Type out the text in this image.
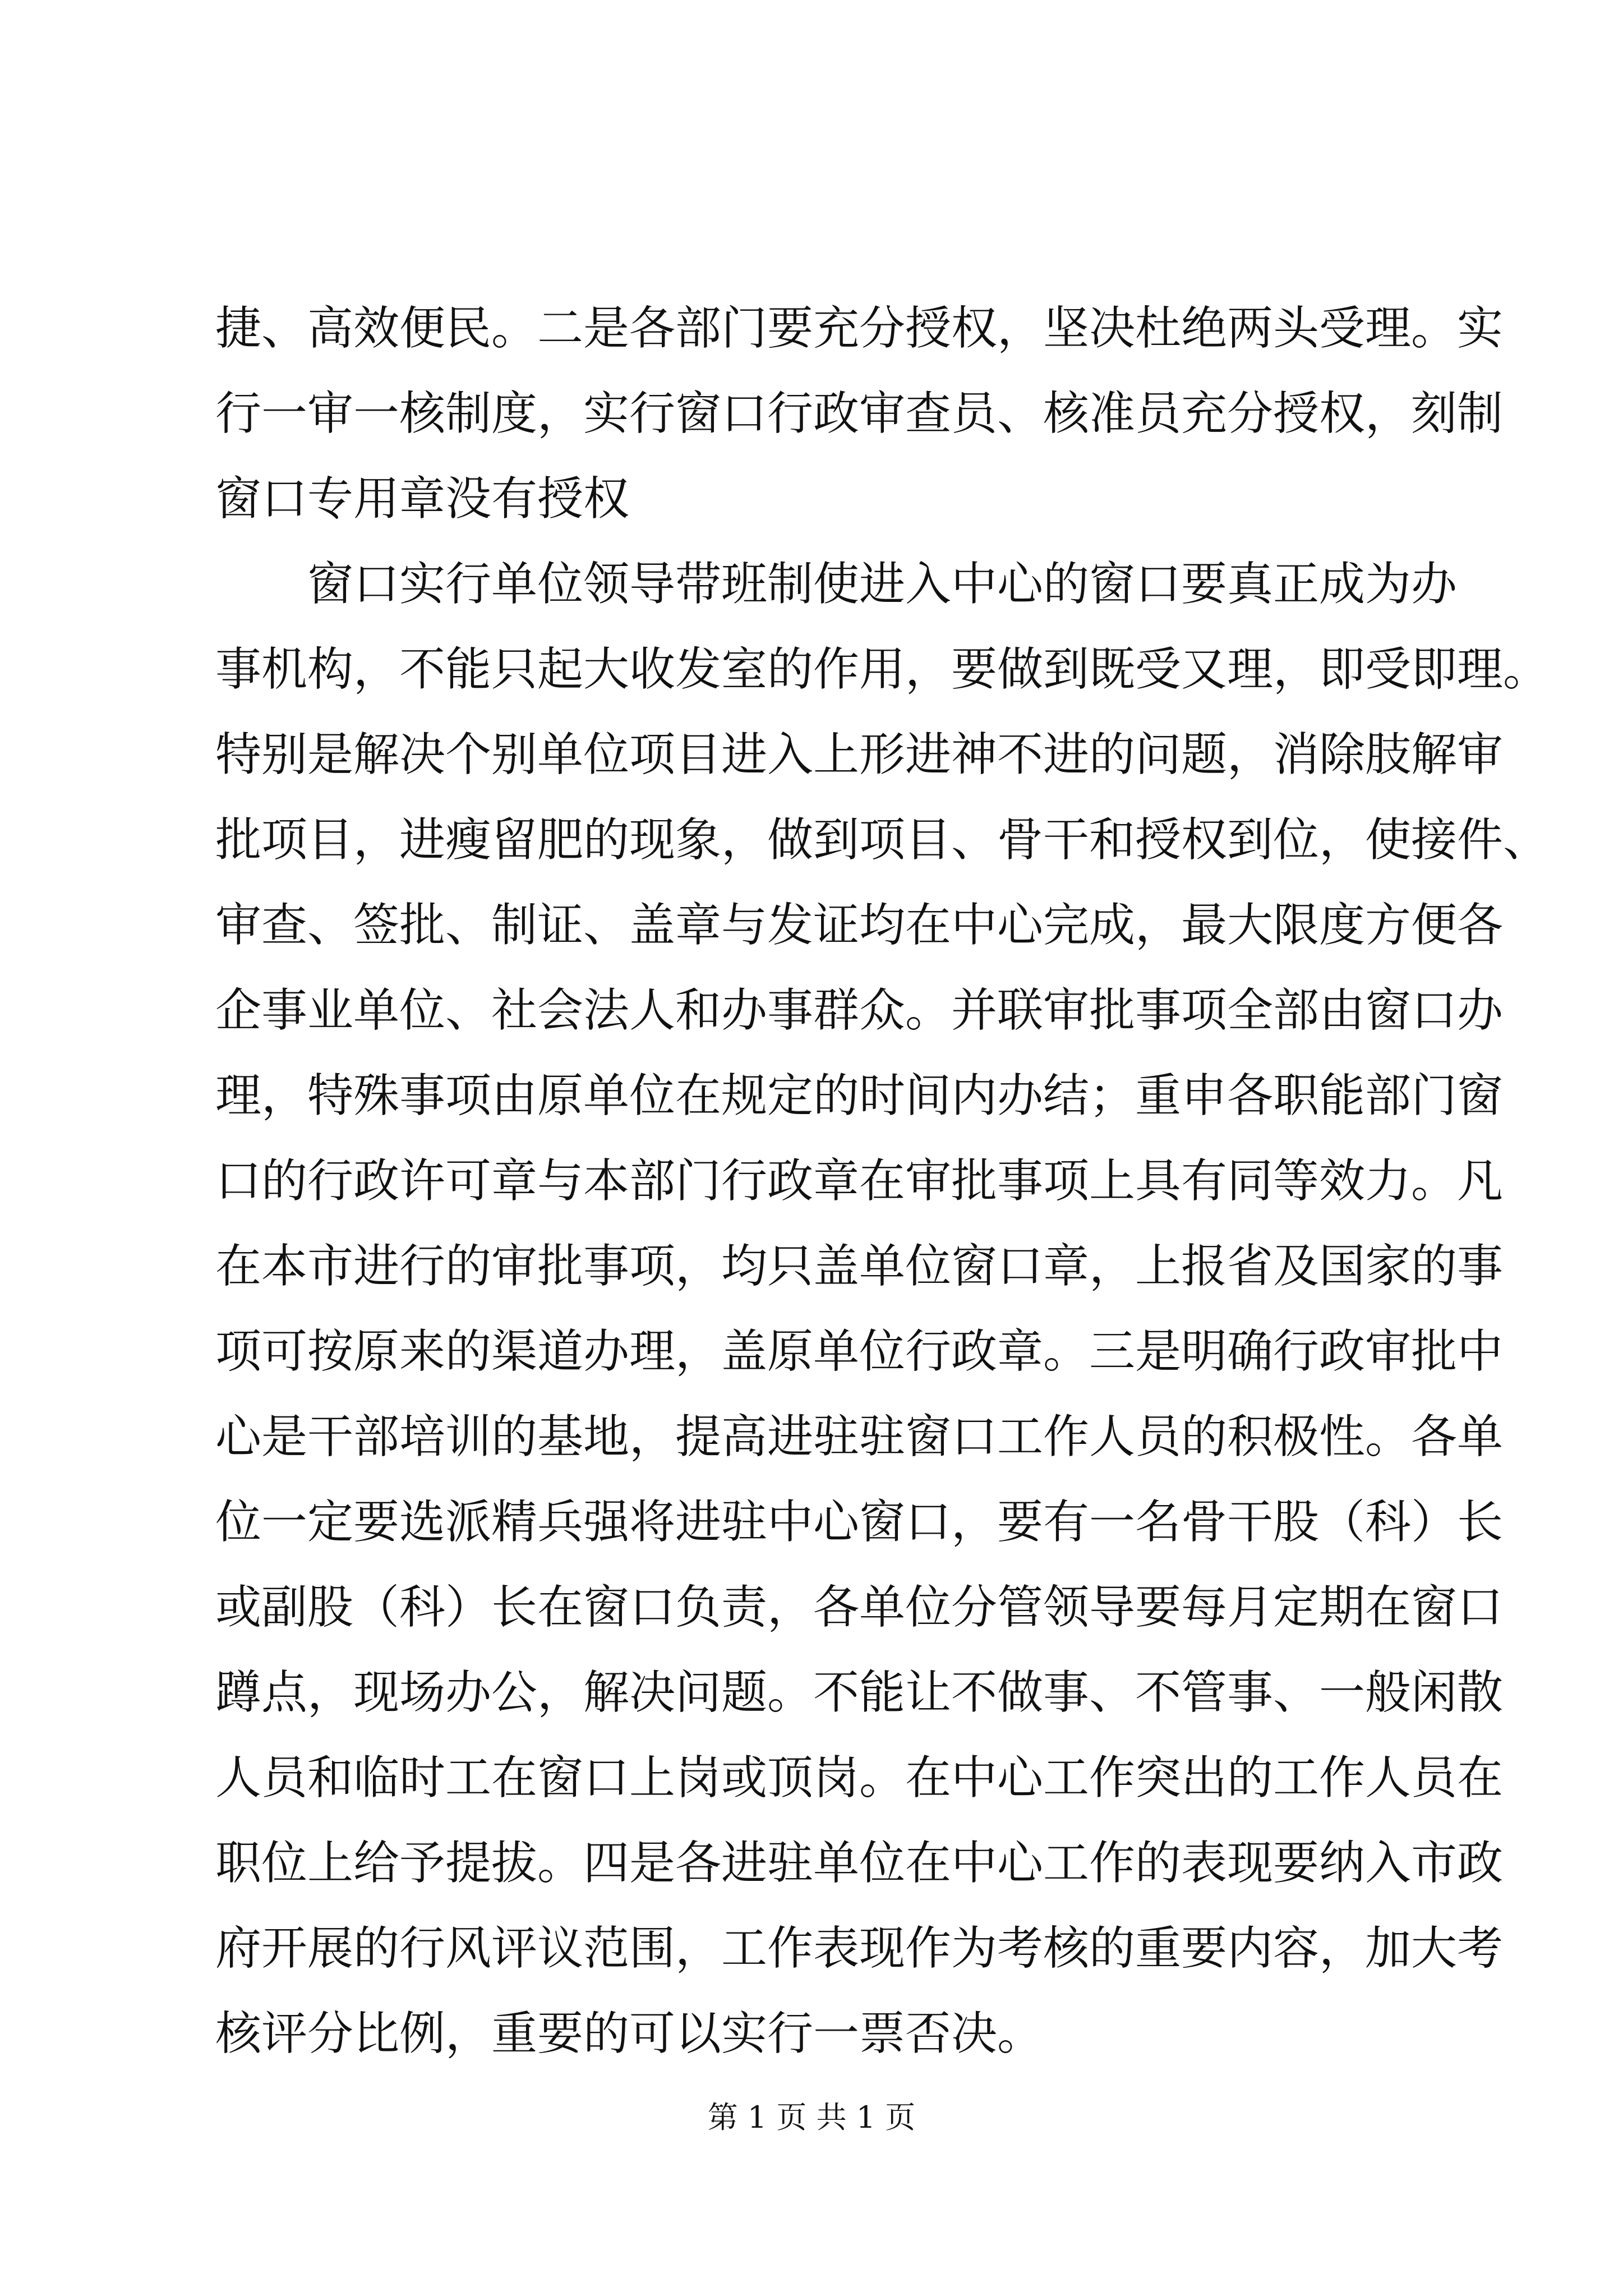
捷、高效便民。二是各部门要充分授权，坚决杜绝两头受理。实
行一审一核制度，实行窗口行政审查员、核准员充分授权，刻制
窗口专用章没有授权
窗口实行单位领导带班制使进入中心的窗口要真正成为办
事机构，不能只起大收发室的作用，要做到既受又理，即受即理。
特别是解决个别单位项目进入上形进神不进的问题，消除肢解审
批项目，进瘦留肥的现象，做到项目、骨干和授权到位，使接件、
审查、签批、制证、盖章与发证均在中心完成，最大限度方便各
企事业单位、社会法人和办事群众。并联审批事项全部由窗口办
理，特殊事项由原单位在规定的时间内办结；重申各职能部门窗
口的行政许可章与本部门行政章在审批事项上具有同等效力。凡
在本市进行的审批事项，均只盖单位窗口章，上报省及国家的事
项可按原来的渠道办理，盖原单位行政章。三是明确行政审批中
心是干部培训的基地，提高进驻驻窗口工作人员的积极性。各单
位一定要选派精兵强将进驻中心窗口，要有一名骨干股（科）长
或副股（科）长在窗口负责，各单位分管领导要每月定期在窗口
蹲点，现场办公，解决问题。不能让不做事、不管事、一般闲散
人员和临时工在窗口上岗或顶岗。在中心工作突出的工作人员在
职位上给予提拔。四是各进驻单位在中心工作的表现要纳入市政
府开展的行风评议范围，工作表现作为考核的重要内容，加大考
核评分比例，重要的可以实行一票否决。
第 1 页 共 1 页
